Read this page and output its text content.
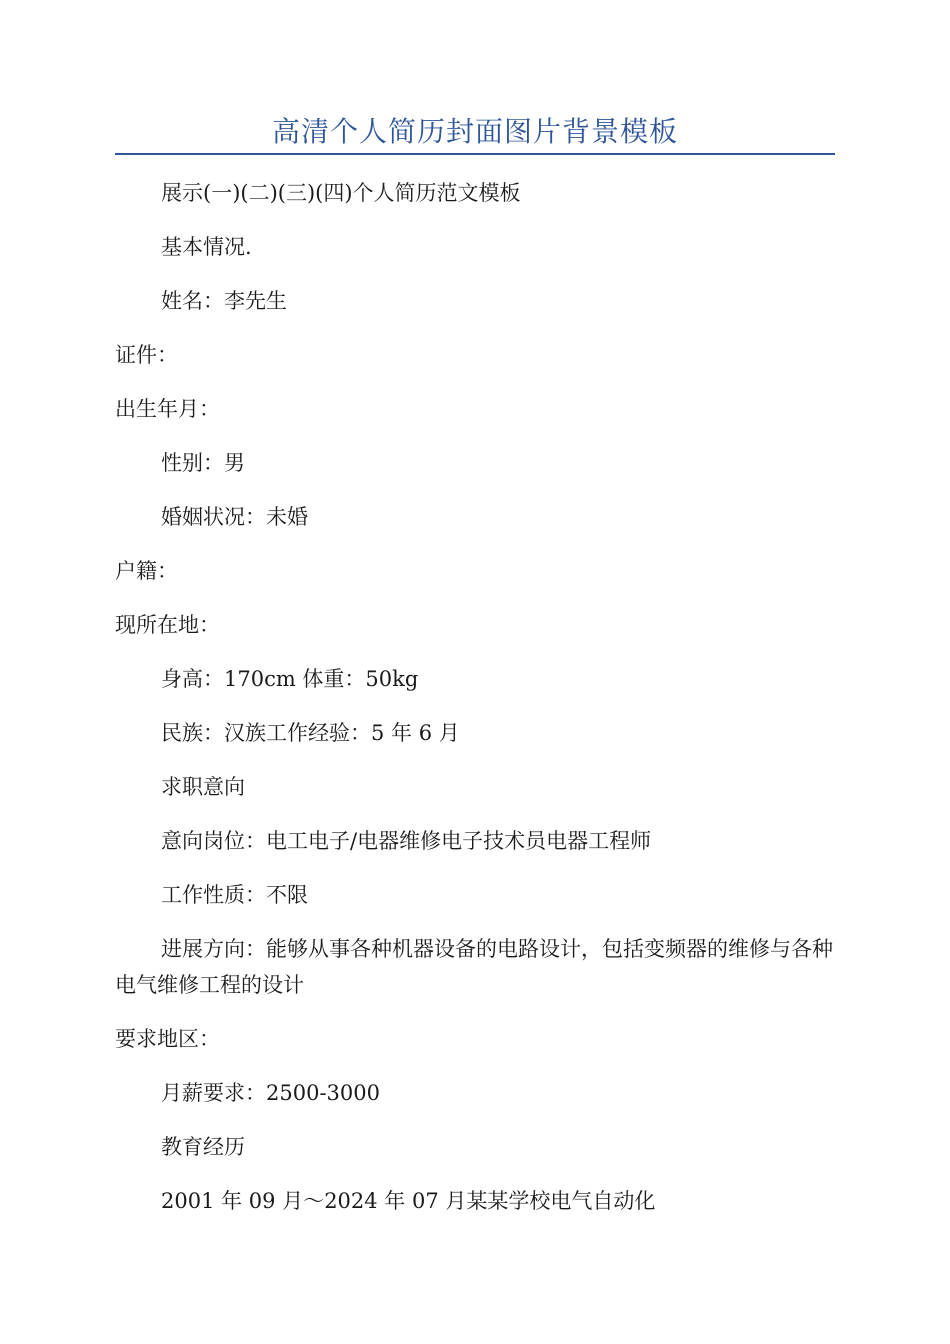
高清个人简历封面图片背景模板

展示(一)(二)(三)(四)个人简历范文模板

基本情况.

姓名：李先生

证件：

出生年月：

性别：男

婚姻状况：未婚

户籍：

现所在地：

身高：170cm 体重：50kg

民族：汉族工作经验：5 年 6 月

求职意向

意向岗位：电工电子/电器维修电子技术员电器工程师

工作性质：不限

进展方向：能够从事各种机器设备的电路设计，包括变频器的维修与各种电气维修工程的设计

要求地区：

月薪要求：2500-3000

教育经历

2001 年 09 月～2024 年 07 月某某学校电气自动化
